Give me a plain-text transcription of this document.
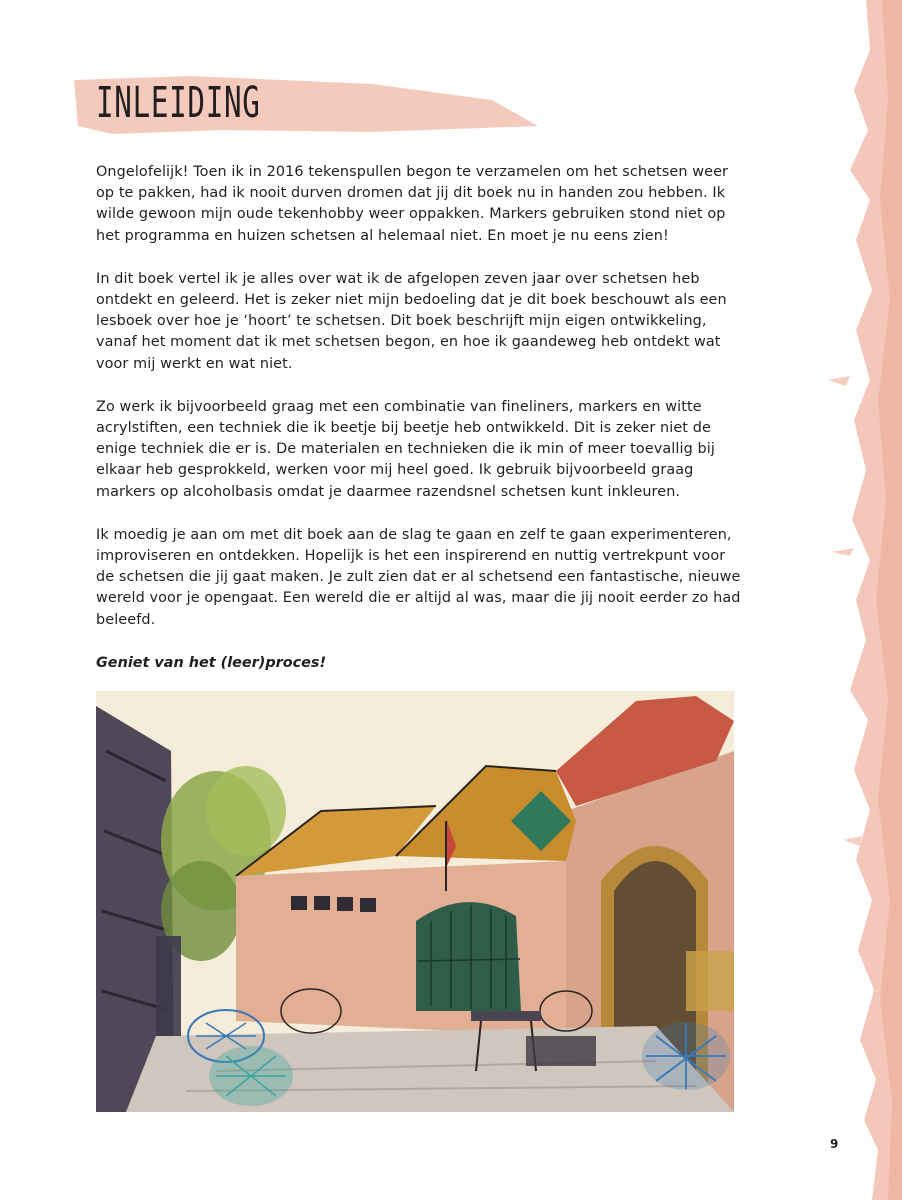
INLEIDING

Ongelofelijk! Toen ik in 2016 tekenspullen begon te verzamelen om het schetsen weer op te pakken, had ik nooit durven dromen dat jij dit boek nu in handen zou hebben. Ik wilde gewoon mijn oude tekenhobby weer oppakken. Markers gebruiken stond niet op het programma en huizen schetsen al helemaal niet. En moet je nu eens zien!

In dit boek vertel ik je alles over wat ik de afgelopen zeven jaar over schetsen heb ontdekt en geleerd. Het is zeker niet mijn bedoeling dat je dit boek beschouwt als een lesboek over hoe je ‘hoort’ te schetsen. Dit boek beschrijft mijn eigen ontwikkeling, vanaf het moment dat ik met schetsen begon, en hoe ik gaandeweg heb ontdekt wat voor mij werkt en wat niet.

Zo werk ik bijvoorbeeld graag met een combinatie van fineliners, markers en witte acrylstiften, een techniek die ik beetje bij beetje heb ontwikkeld. Dit is zeker niet de enige techniek die er is. De materialen en technieken die ik min of meer toevallig bij elkaar heb gesprokkeld, werken voor mij heel goed. Ik gebruik bijvoorbeeld graag markers op alcoholbasis omdat je daarmee razendsnel schetsen kunt inkleuren.

Ik moedig je aan om met dit boek aan de slag te gaan en zelf te gaan experimenteren, improviseren en ontdekken. Hopelijk is het een inspirerend en nuttig vertrekpunt voor de schetsen die jij gaat maken. Je zult zien dat er al schetsend een fantastische, nieuwe wereld voor je opengaat. Een wereld die er altijd al was, maar die jij nooit eerder zo had beleefd.

Geniet van het (leer)proces!

9
